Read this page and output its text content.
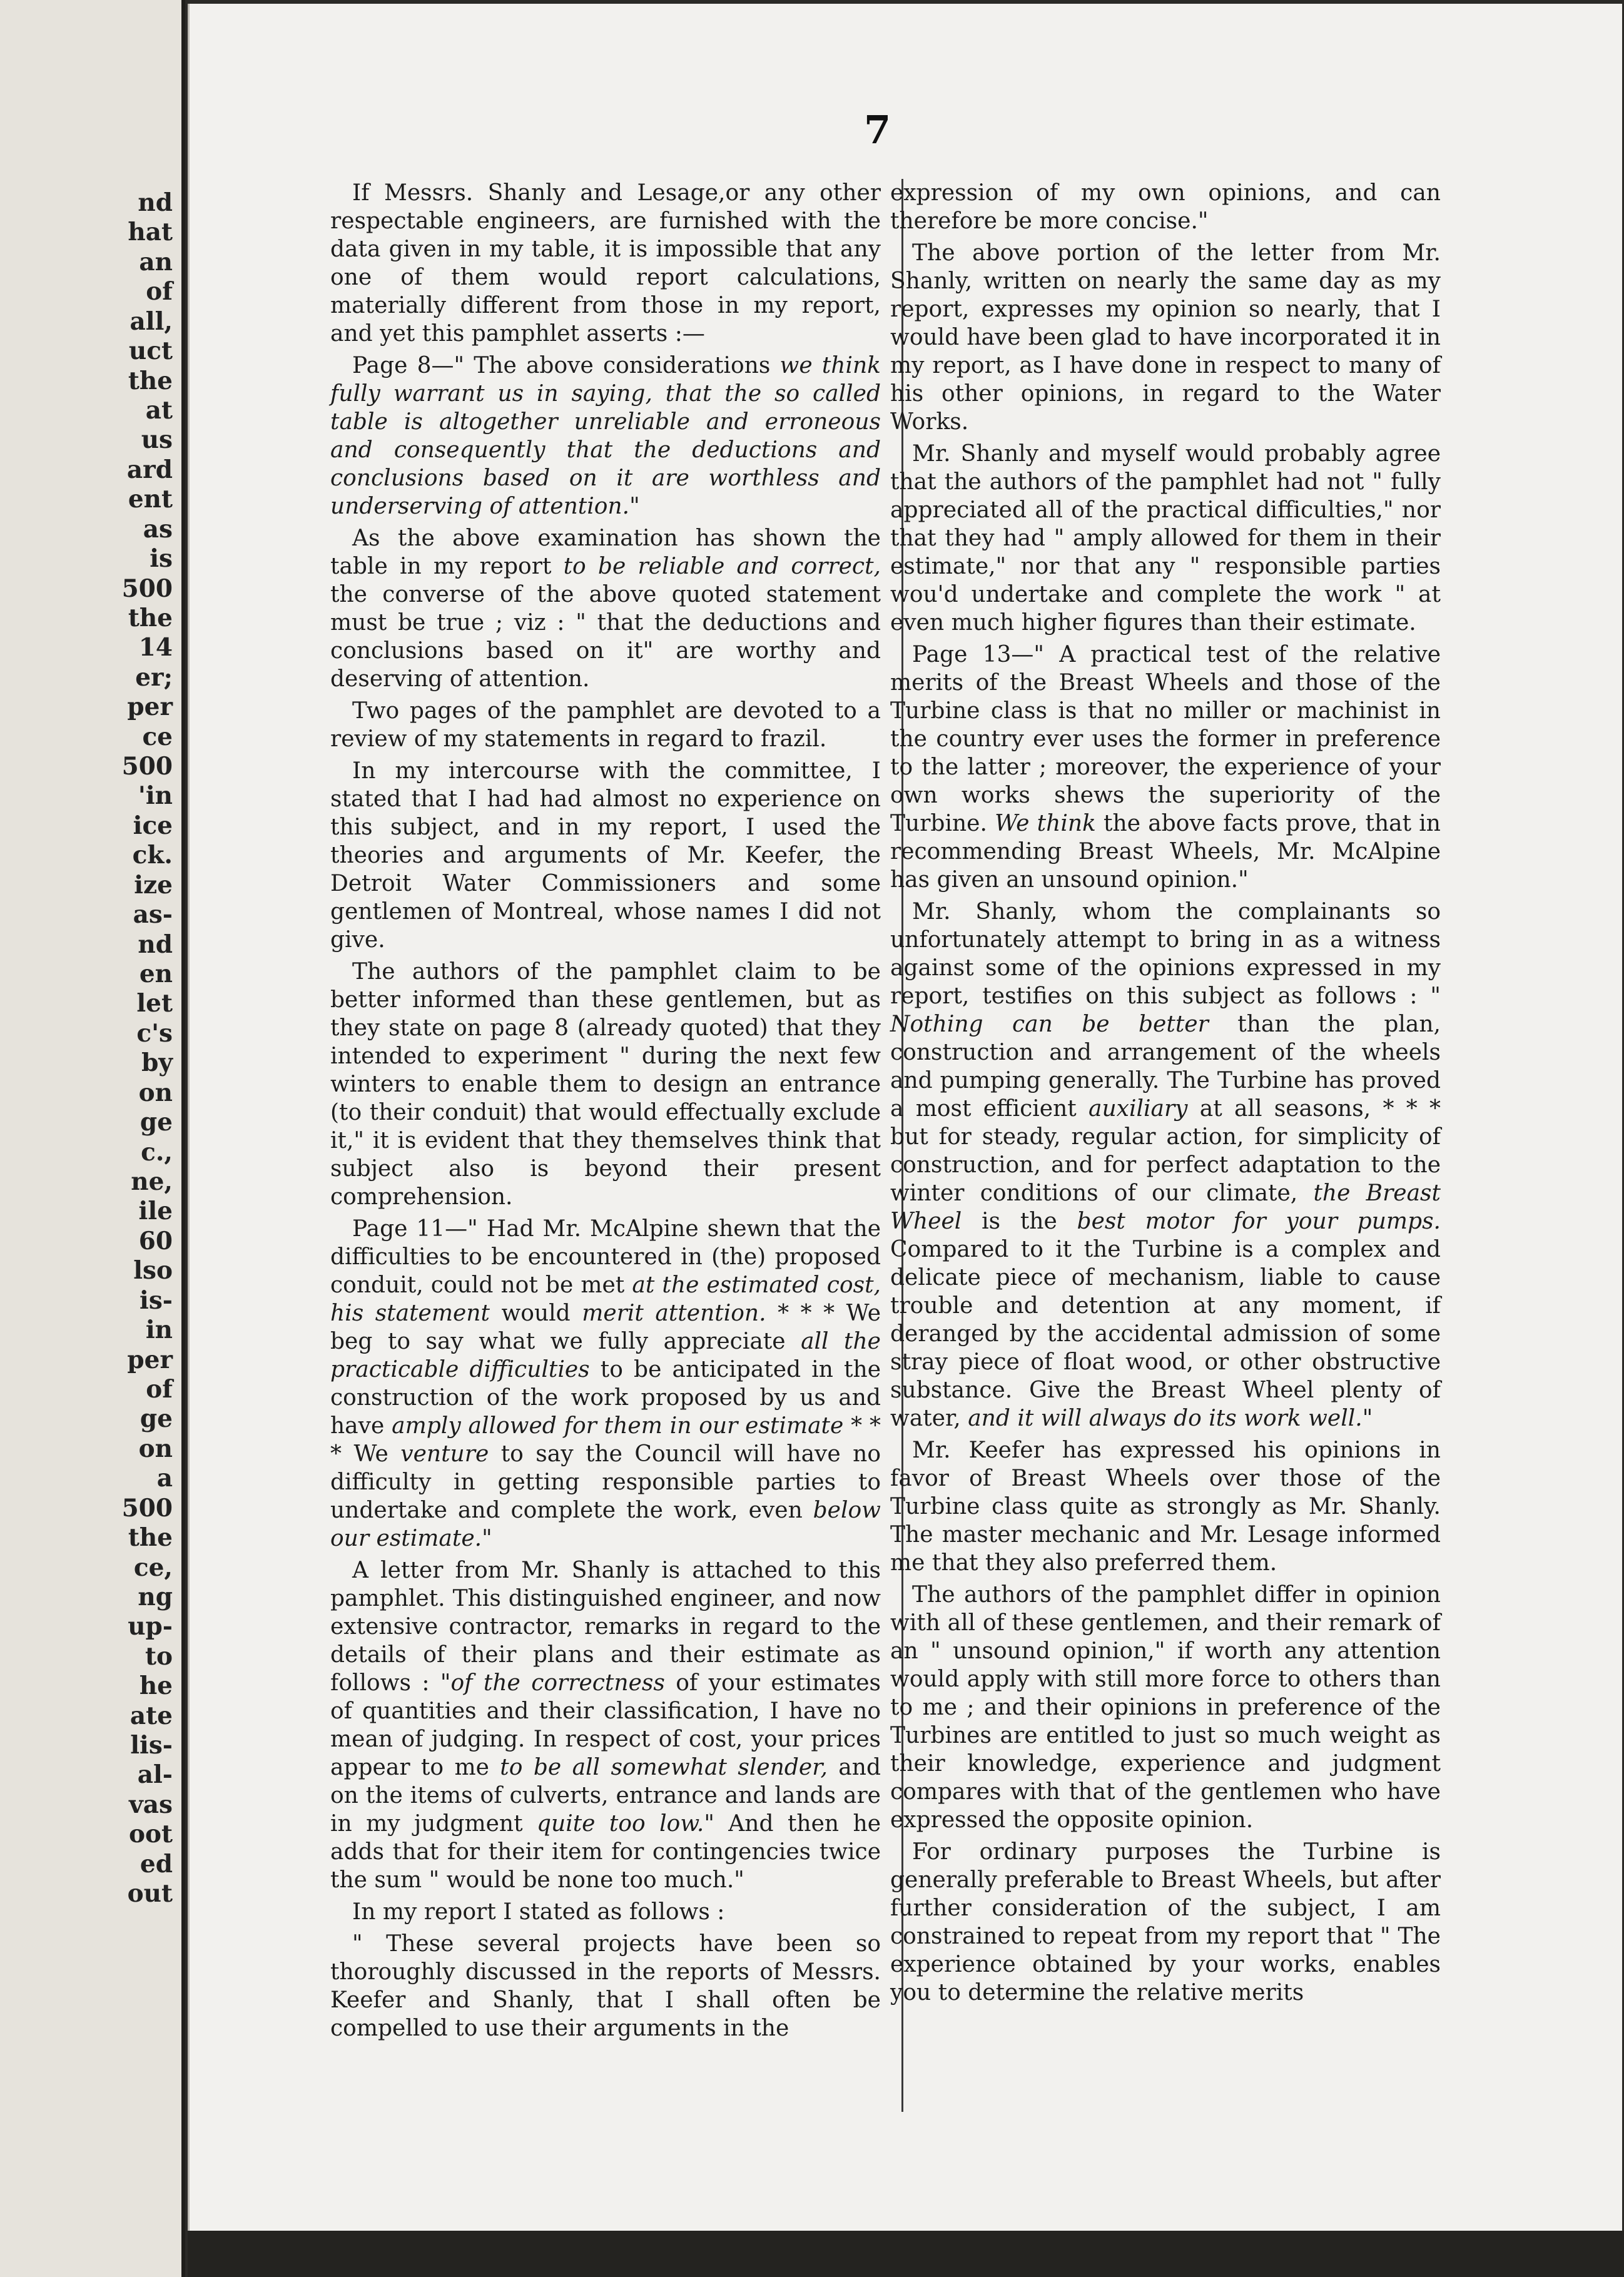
nd
hat
an
of
all,
uct
the
at
us
ard
ent
as
is
500
the
14
er;
per
ce
500
'in
ice
ck.
ize
as-
nd
en
let
c's
by
on
ge
c.,
ne,
ile
60
lso
is-
in
per
of
ge
on
a
500
the
ce,
ng
up-
to
he
ate
lis-
al-
vas
oot
ed
out
7

If Messrs. Shanly and Lesage,or any other respectable engineers, are furnished with the data given in my table, it is impossible that any one of them would report calculations, materially different from those in my report, and yet this pamphlet asserts :—

Page 8—" The above considerations we think fully warrant us in saying, that the so called table is altogether unreliable and erroneous and consequently that the deductions and conclusions based on it are worthless and underserving of attention."

As the above examination has shown the table in my report to be reliable and correct, the converse of the above quoted statement must be true ; viz : " that the deductions and conclusions based on it" are worthy and deserving of attention.

Two pages of the pamphlet are devoted to a review of my statements in regard to frazil.

In my intercourse with the committee, I stated that I had had almost no experience on this subject, and in my report, I used the theories and arguments of Mr. Keefer, the Detroit Water Commissioners and some gentlemen of Montreal, whose names I did not give.

The authors of the pamphlet claim to be better informed than these gentlemen, but as they state on page 8 (already quoted) that they intended to experiment " during the next few winters to enable them to design an entrance (to their conduit) that would effectually exclude it," it is evident that they themselves think that subject also is beyond their present comprehension.

Page 11—" Had Mr. McAlpine shewn that the difficulties to be encountered in (the) proposed conduit, could not be met at the estimated cost, his statement would merit attention. * * * We beg to say what we fully appreciate all the practicable difficulties to be anticipated in the construction of the work proposed by us and have amply allowed for them in our estimate * * * We venture to say the Council will have no difficulty in getting responsible parties to undertake and complete the work, even below our estimate."

A letter from Mr. Shanly is attached to this pamphlet. This distinguished engineer, and now extensive contractor, remarks in regard to the details of their plans and their estimate as follows : "of the correctness of your estimates of quantities and their classification, I have no mean of judging. In respect of cost, your prices appear to me to be all somewhat slender, and on the items of culverts, entrance and lands are in my judgment quite too low." And then he adds that for their item for contingencies twice the sum " would be none too much."

In my report I stated as follows :

" These several projects have been so thoroughly discussed in the reports of Messrs. Keefer and Shanly, that I shall often be compelled to use their arguments in the

expression of my own opinions, and can therefore be more concise."

The above portion of the letter from Mr. Shanly, written on nearly the same day as my report, expresses my opinion so nearly, that I would have been glad to have incorporated it in my report, as I have done in respect to many of his other opinions, in regard to the Water Works.

Mr. Shanly and myself would probably agree that the authors of the pamphlet had not " fully appreciated all of the practical difficulties," nor that they had " amply allowed for them in their estimate," nor that any " responsible parties wou'd undertake and complete the work " at even much higher figures than their estimate.

Page 13—" A practical test of the relative merits of the Breast Wheels and those of the Turbine class is that no miller or machinist in the country ever uses the former in preference to the latter ; moreover, the experience of your own works shews the superiority of the Turbine. We think the above facts prove, that in recommending Breast Wheels, Mr. McAlpine has given an unsound opinion."

Mr. Shanly, whom the complainants so unfortunately attempt to bring in as a witness against some of the opinions expressed in my report, testifies on this subject as follows : " Nothing can be better than the plan, construction and arrangement of the wheels and pumping generally. The Turbine has proved a most efficient auxiliary at all seasons, * * * but for steady, regular action, for simplicity of construction, and for perfect adaptation to the winter conditions of our climate, the Breast Wheel is the best motor for your pumps. Compared to it the Turbine is a complex and delicate piece of mechanism, liable to cause trouble and detention at any moment, if deranged by the accidental admission of some stray piece of float wood, or other obstructive substance. Give the Breast Wheel plenty of water, and it will always do its work well."

Mr. Keefer has expressed his opinions in favor of Breast Wheels over those of the Turbine class quite as strongly as Mr. Shanly. The master mechanic and Mr. Lesage informed me that they also preferred them.

The authors of the pamphlet differ in opinion with all of these gentlemen, and their remark of an " unsound opinion," if worth any attention would apply with still more force to others than to me ; and their opinions in preference of the Turbines are entitled to just so much weight as their knowledge, experience and judgment compares with that of the gentlemen who have expressed the opposite opinion.

For ordinary purposes the Turbine is generally preferable to Breast Wheels, but after further consideration of the subject, I am constrained to repeat from my report that " The experience obtained by your works, enables you to determine the relative merits
